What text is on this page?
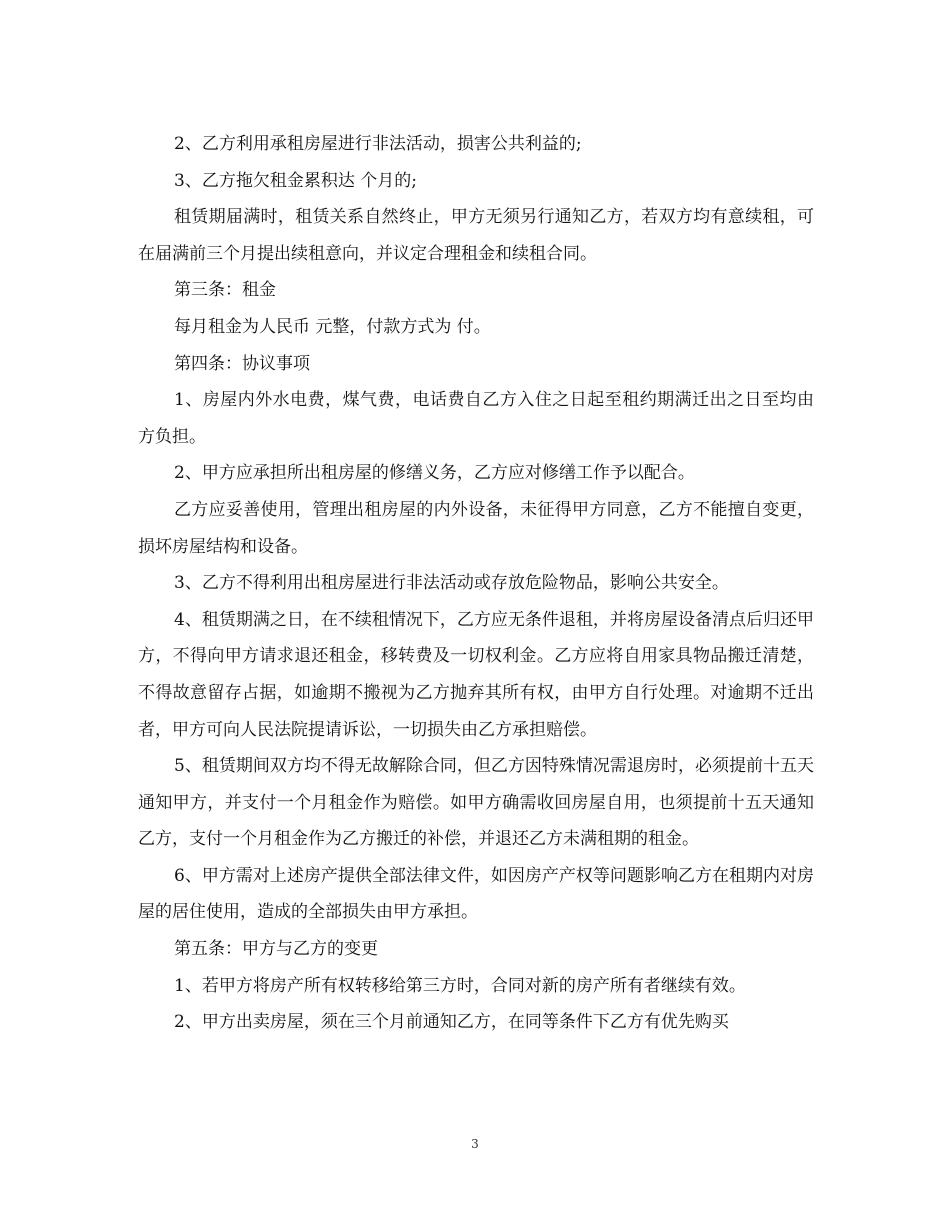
2、乙方利用承租房屋进行非法活动，损害公共利益的;

3、乙方拖欠租金累积达 个月的;

租赁期届满时，租赁关系自然终止，甲方无须另行通知乙方，若双方均有意续租，可在届满前三个月提出续租意向，并议定合理租金和续租合同。

第三条：租金

每月租金为人民币 元整，付款方式为 付。

第四条：协议事项

1、房屋内外水电费，煤气费，电话费自乙方入住之日起至租约期满迁出之日至均由 方负担。

2、甲方应承担所出租房屋的修缮义务，乙方应对修缮工作予以配合。

乙方应妥善使用，管理出租房屋的内外设备，未征得甲方同意，乙方不能擅自变更，损坏房屋结构和设备。

3、乙方不得利用出租房屋进行非法活动或存放危险物品，影响公共安全。

4、租赁期满之日，在不续租情况下，乙方应无条件退租，并将房屋设备清点后归还甲方，不得向甲方请求退还租金，移转费及一切权利金。乙方应将自用家具物品搬迁清楚，不得故意留存占据，如逾期不搬视为乙方抛弃其所有权，由甲方自行处理。对逾期不迁出者，甲方可向人民法院提请诉讼，一切损失由乙方承担赔偿。

5、租赁期间双方均不得无故解除合同，但乙方因特殊情况需退房时，必须提前十五天通知甲方，并支付一个月租金作为赔偿。如甲方确需收回房屋自用，也须提前十五天通知乙方，支付一个月租金作为乙方搬迁的补偿，并退还乙方未满租期的租金。

6、甲方需对上述房产提供全部法律文件，如因房产产权等问题影响乙方在租期内对房屋的居住使用，造成的全部损失由甲方承担。

第五条：甲方与乙方的变更

1、若甲方将房产所有权转移给第三方时，合同对新的房产所有者继续有效。

2、甲方出卖房屋，须在三个月前通知乙方，在同等条件下乙方有优先购买

3
